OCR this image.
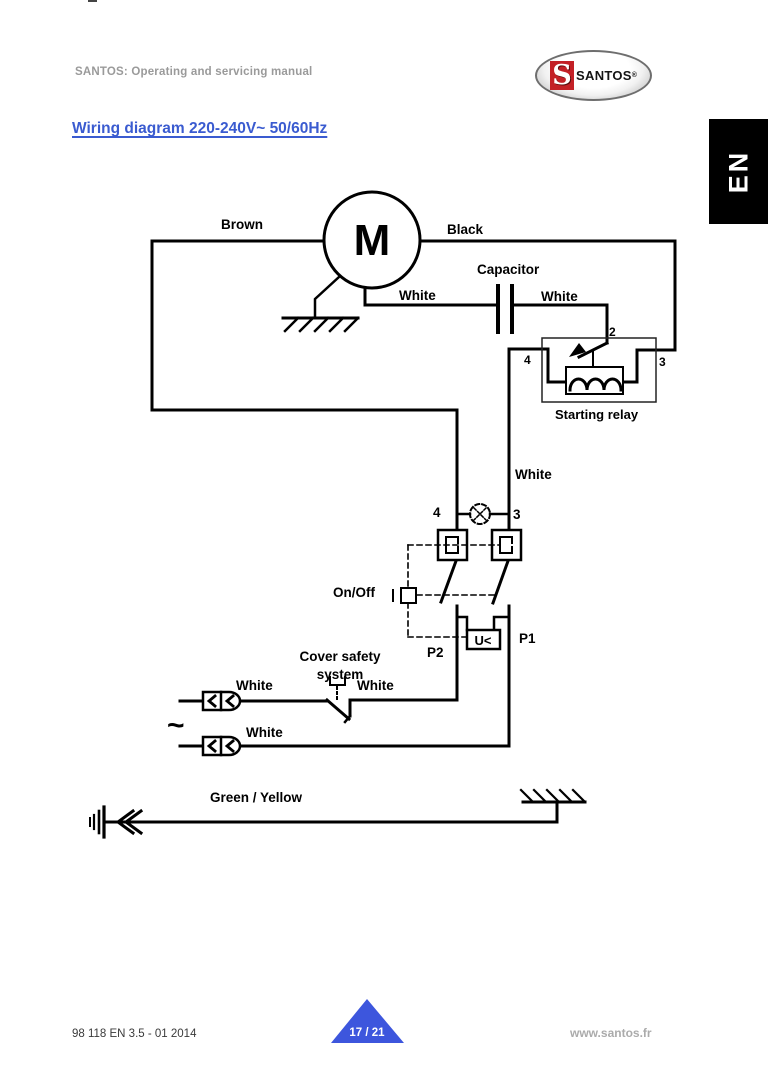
SANTOS: Operating and servicing manual	S SANTOS ®
EN
Wiring diagram 220-240V~ 50/60Hz
M
U<
Brown	Black
White
Capacitor
White
2
4	3
Starting relay
White
4	3
On/Off
P2
P1
Cover safety
system
White	White
White
~
Green / Yellow
98 118 EN 3.5 - 01 2014	17 / 21	www.santos.fr
